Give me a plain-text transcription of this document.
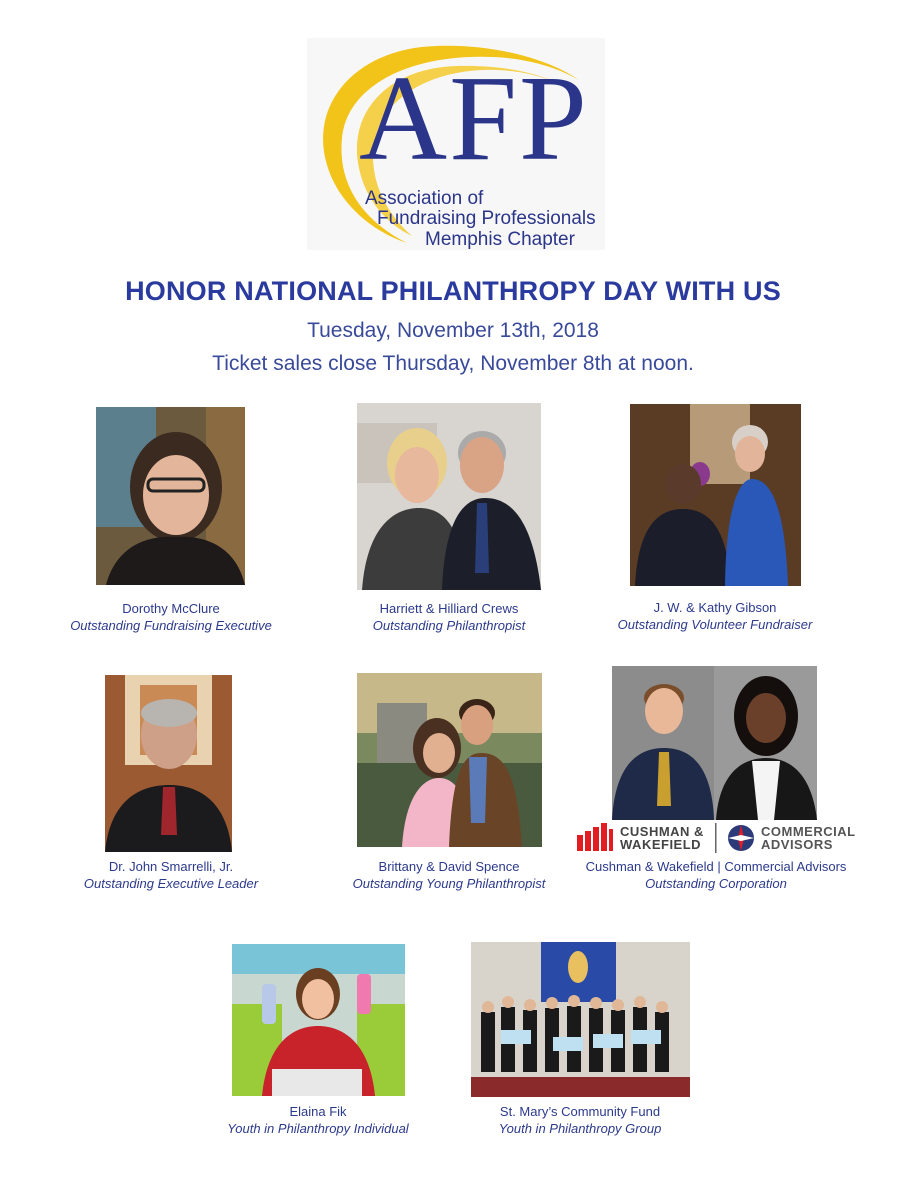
AFP
Association of
Fundraising Professionals
Memphis Chapter
HONOR NATIONAL PHILANTHROPY DAY WITH US
Tuesday, November 13th, 2018
Ticket sales close Thursday, November 8th at noon.
Dorothy McClure
Outstanding Fundraising Executive
Harriett & Hilliard Crews
Outstanding Philanthropist
J. W. & Kathy Gibson
Outstanding Volunteer Fundraiser
Dr. John Smarrelli, Jr.
Outstanding Executive Leader
Brittany & David Spence
Outstanding Young Philanthropist
CUSHMAN &
WAKEFIELD
COMMERCIAL
ADVISORS
Cushman & Wakefield | Commercial Advisors
Outstanding Corporation
Elaina Fik
Youth in Philanthropy Individual
St. Mary’s Community Fund
Youth in Philanthropy Group
